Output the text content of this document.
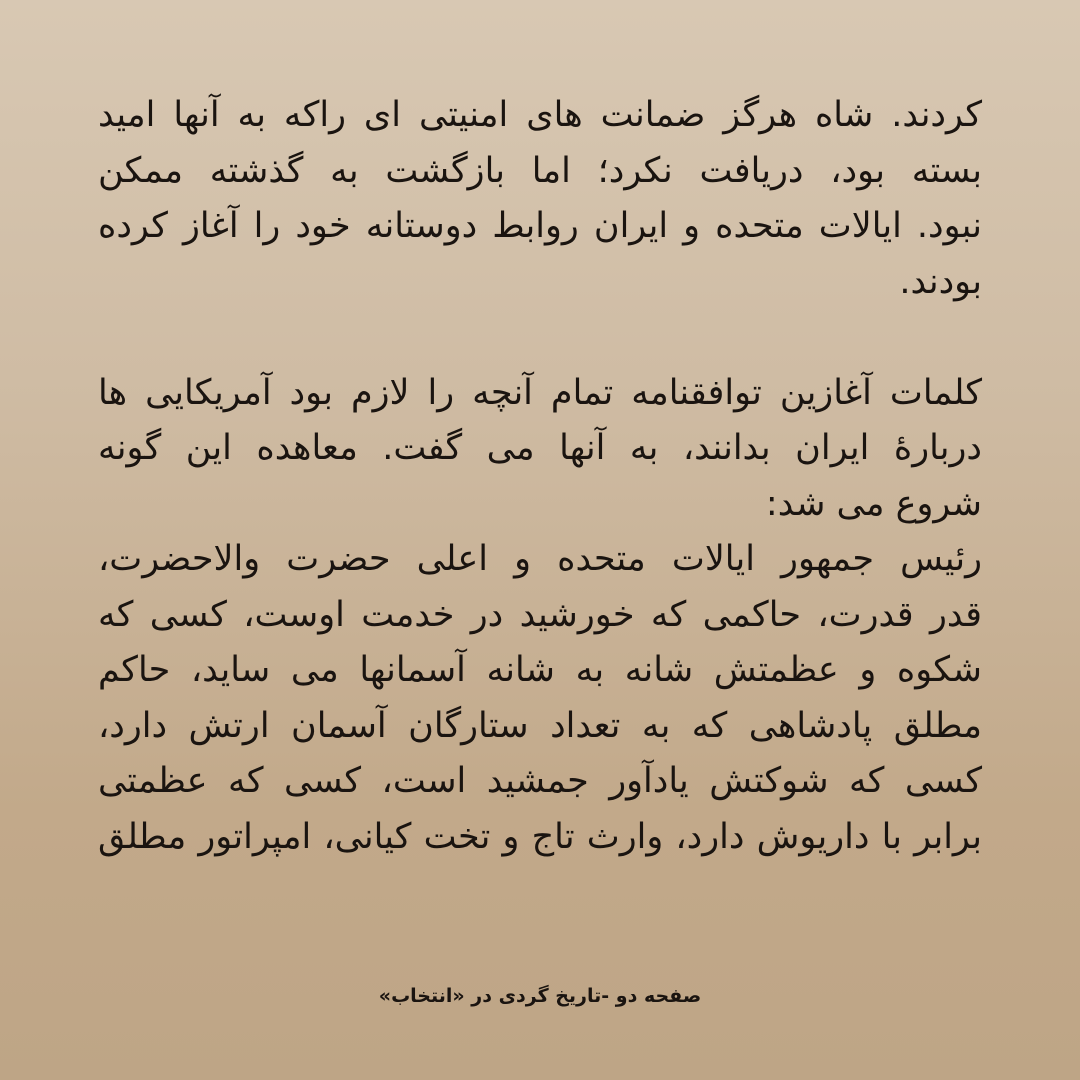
کردند. شاه هرگز ضمانت های امنیتی ای راکه به آنها امید
بسته بود، دریافت نکرد؛ اما بازگشت به گذشته ممکن
نبود. ایالات متحده و ایران روابط دوستانه خود را آغاز کرده
بودند.
کلمات آغازین توافقنامه تمام آنچه را لازم بود آمریکایی ها
دربارهٔ ایران بدانند، به آنها می گفت. معاهده این گونه
شروع می شد:
رئیس جمهور ایالات متحده و اعلی حضرت والاحضرت،
قدر قدرت، حاکمی که خورشید در خدمت اوست، کسی که
شکوه و عظمتش شانه به شانه آسمانها می ساید، حاکم
مطلق پادشاهی که به تعداد ستارگان آسمان ارتش دارد،
کسی که شوکتش یادآور جمشید است، کسی که عظمتی
برابر با داریوش دارد، وارث تاج و تخت کیانی، امپراتور مطلق
صفحه دو -تاریخ گردی در «انتخاب»
